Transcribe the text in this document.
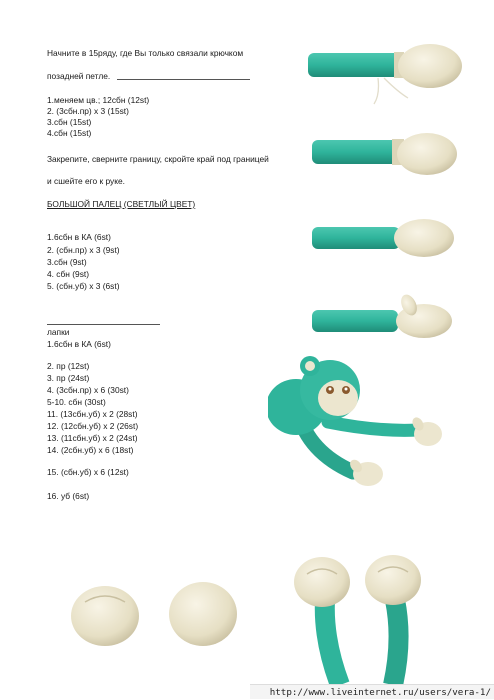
Начните в 15ряду, где Вы только связали крючком
позадней петле.
1.меняем цв.; 12сбн (12st)
2. (3сбн.пр) х 3 (15st)
3.сбн (15st)
4.сбн (15st)
Закрепите, сверните границу, скройте край под границей
и сшейте его к руке.
БОЛЬШОЙ ПАЛЕЦ (СВЕТЛЫЙ ЦВЕТ)
1.6сбн в КА (6st)
2. (сбн.пр) х 3 (9st)
3.сбн (9st)
4. сбн (9st)
5. (сбн.уб) х 3 (6st)
лапки
1.6сбн в КА (6st)
2. пр (12st)
3. пр (24st)
4. (3сбн.пр) х 6 (30st)
5-10. сбн (30st)
11. (13сбн.уб) х 2 (28st)
12. (12сбн.уб) х 2 (26st)
13. (11сбн.уб) х 2 (24st)
14. (2сбн.уб) х 6 (18st)
15. (сбн.уб) х 6 (12st)
16. уб (6st)
http://www.liveinternet.ru/users/vera-1/
